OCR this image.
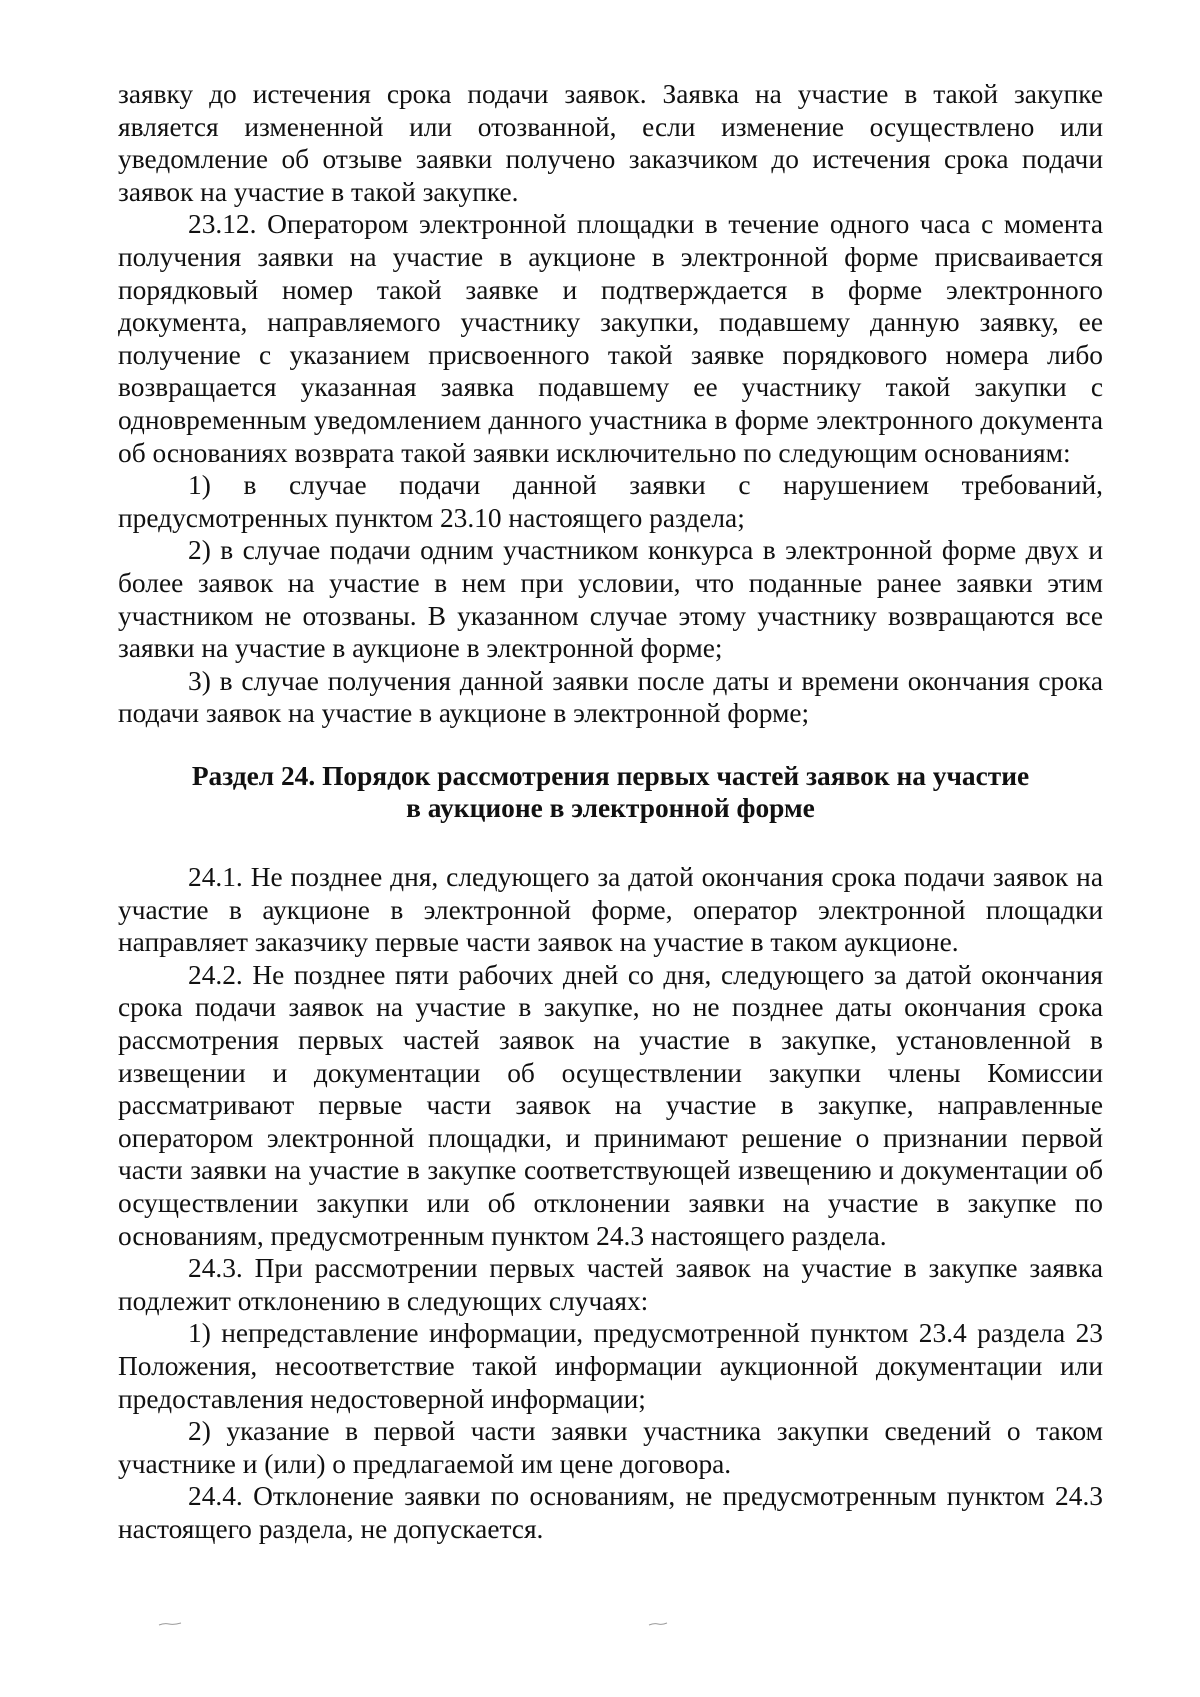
заявку до истечения срока подачи заявок. Заявка на участие в такой закупке является измененной или отозванной, если изменение осуществлено или уведомление об отзыве заявки получено заказчиком до истечения срока подачи заявок на участие в такой закупке.

23.12. Оператором электронной площадки в течение одного часа с момента получения заявки на участие в аукционе в электронной форме присваивается порядковый номер такой заявке и подтверждается в форме электронного документа, направляемого участнику закупки, подавшему данную заявку, ее получение с указанием присвоенного такой заявке порядкового номера либо возвращается указанная заявка подавшему ее участнику такой закупки с одновременным уведомлением данного участника в форме электронного документа об основаниях возврата такой заявки исключительно по следующим основаниям:

1) в случае подачи данной заявки с нарушением требований, предусмотренных пунктом 23.10 настоящего раздела;

2) в случае подачи одним участником конкурса в электронной форме двух и более заявок на участие в нем при условии, что поданные ранее заявки этим участником не отозваны. В указанном случае этому участнику возвращаются все заявки на участие в аукционе в электронной форме;

3) в случае получения данной заявки после даты и времени окончания срока подачи заявок на участие в аукционе в электронной форме;

Раздел 24. Порядок рассмотрения первых частей заявок на участие
в аукционе в электронной форме

24.1. Не позднее дня, следующего за датой окончания срока подачи заявок на участие в аукционе в электронной форме, оператор электронной площадки направляет заказчику первые части заявок на участие в таком аукционе.

24.2. Не позднее пяти рабочих дней со дня, следующего за датой окончания срока подачи заявок на участие в закупке, но не позднее даты окончания срока рассмотрения первых частей заявок на участие в закупке, установленной в извещении и документации об осуществлении закупки члены Комиссии рассматривают первые части заявок на участие в закупке, направленные оператором электронной площадки, и принимают решение о признании первой части заявки на участие в закупке соответствующей извещению и документации об осуществлении закупки или об отклонении заявки на участие в закупке по основаниям, предусмотренным пунктом 24.3 настоящего раздела.

24.3. При рассмотрении первых частей заявок на участие в закупке заявка подлежит отклонению в следующих случаях:

1) непредставление информации, предусмотренной пунктом 23.4 раздела 23 Положения, несоответствие такой информации аукционной документации или предоставления недостоверной информации;

2) указание в первой части заявки участника закупки сведений о таком участнике и (или) о предлагаемой им цене договора.

24.4. Отклонение заявки по основаниям, не предусмотренным пунктом 24.3 настоящего раздела, не допускается.
